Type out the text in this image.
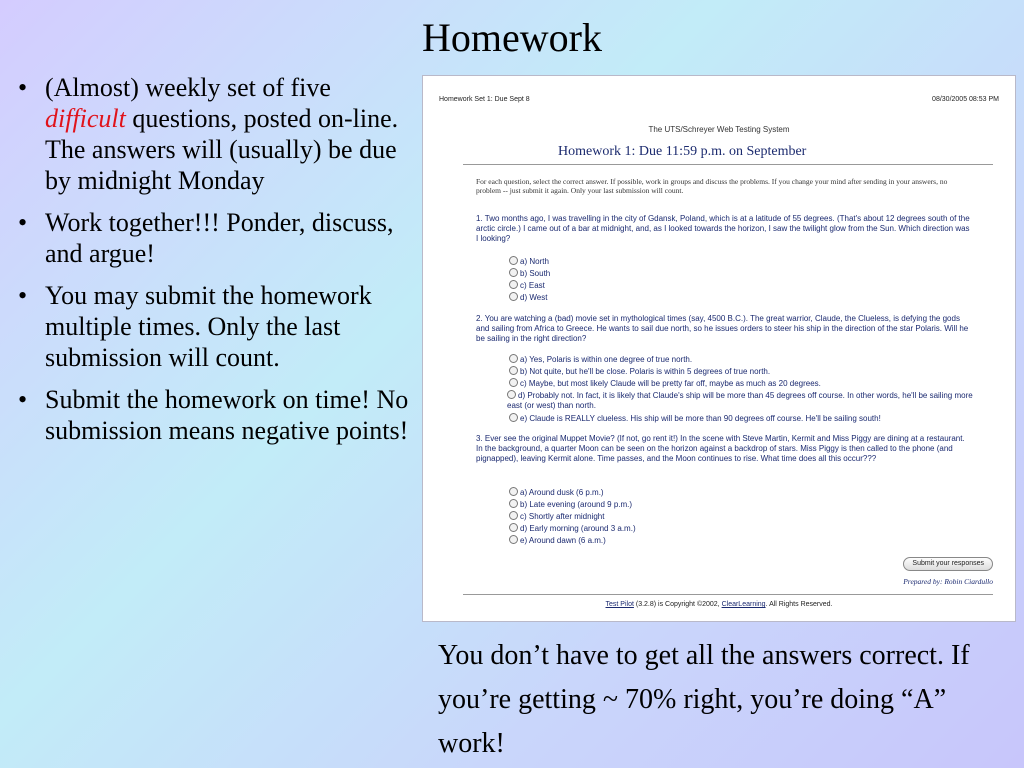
Homework
• (Almost) weekly set of five difficult questions, posted on-line. The answers will (usually) be due by midnight Monday
• Work together!!! Ponder, discuss, and argue!
• You may submit the homework multiple times. Only the last submission will count.
• Submit the homework on time! No submission means negative points!
Homework Set 1: Due Sept 8	08/30/2005 08:53 PM
The UTS/Schreyer Web Testing System
Homework 1: Due 11:59 p.m. on September
For each question, select the correct answer. If possible, work in groups and discuss the problems. If you change your mind after sending in your answers, no problem -- just submit it again. Only your last submission will count.
1. Two months ago, I was travelling in the city of Gdansk, Poland, which is at a latitude of 55 degrees. (That's about 12 degrees south of the arctic circle.) I came out of a bar at midnight, and, as I looked towards the horizon, I saw the twilight glow from the Sun. Which direction was I looking?
a) North
b) South
c) East
d) West
2. You are watching a (bad) movie set in mythological times (say, 4500 B.C.). The great warrior, Claude, the Clueless, is defying the gods and sailing from Africa to Greece. He wants to sail due north, so he issues orders to steer his ship in the direction of the star Polaris. Will he be sailing in the right direction?
a) Yes, Polaris is within one degree of true north.
b) Not quite, but he'll be close. Polaris is within 5 degrees of true north.
c) Maybe, but most likely Claude will be pretty far off, maybe as much as 20 degrees.
d) Probably not. In fact, it is likely that Claude's ship will be more than 45 degrees off course. In other words, he'll be sailing more east (or west) than north.
e) Claude is REALLY clueless. His ship will be more than 90 degrees off course. He'll be sailing south!
3. Ever see the original Muppet Movie? (If not, go rent it!) In the scene with Steve Martin, Kermit and Miss Piggy are dining at a restaurant. In the background, a quarter Moon can be seen on the horizon against a backdrop of stars. Miss Piggy is then called to the phone (and pignapped), leaving Kermit alone. Time passes, and the Moon continues to rise. What time does all this occur???
a) Around dusk (6 p.m.)
b) Late evening (around 9 p.m.)
c) Shortly after midnight
d) Early morning (around 3 a.m.)
e) Around dawn (6 a.m.)
Submit your responses
Prepared by: Robin Ciardullo
Test Pilot (3.2.8) is Copyright ©2002, ClearLearning. All Rights Reserved.
You don’t have to get all the answers correct. If you’re getting ~ 70% right, you’re doing “A” work!
